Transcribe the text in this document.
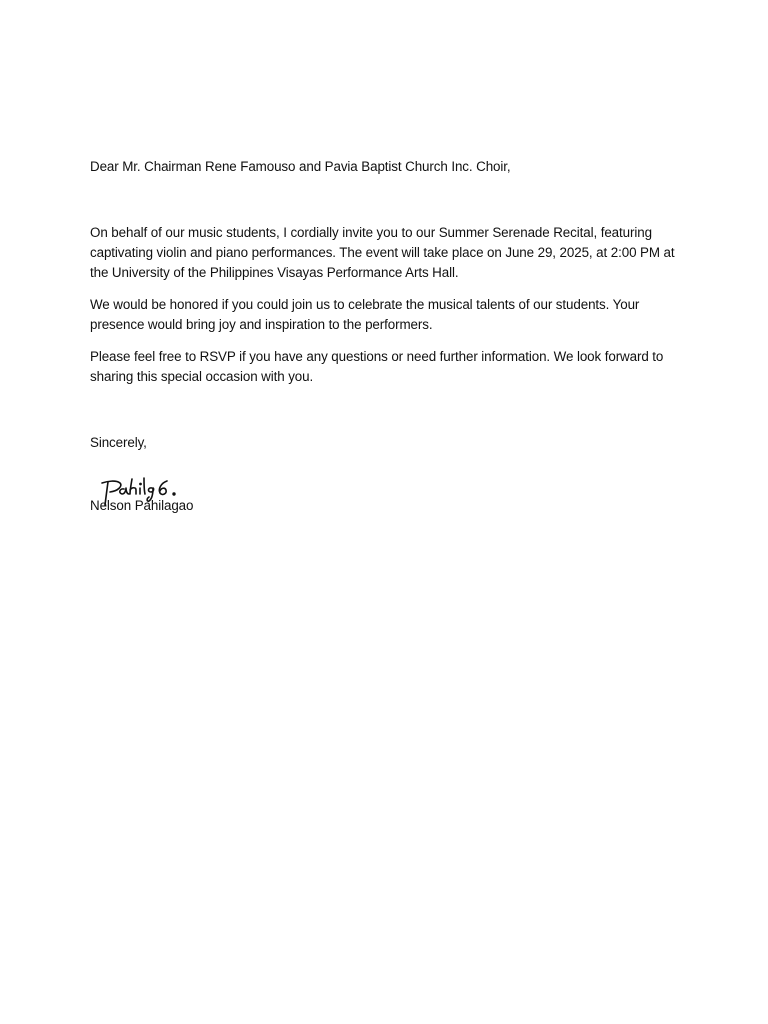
Dear Mr. Chairman Rene Famouso and Pavia Baptist Church Inc. Choir,

On behalf of our music students, I cordially invite you to our Summer Serenade Recital, featuring captivating violin and piano performances. The event will take place on June 29, 2025, at 2:00 PM at the University of the Philippines Visayas Performance Arts Hall.

We would be honored if you could join us to celebrate the musical talents of our students. Your presence would bring joy and inspiration to the performers.

Please feel free to RSVP if you have any questions or need further information. We look forward to sharing this special occasion with you.

Sincerely,

Nelson Pahilagao
